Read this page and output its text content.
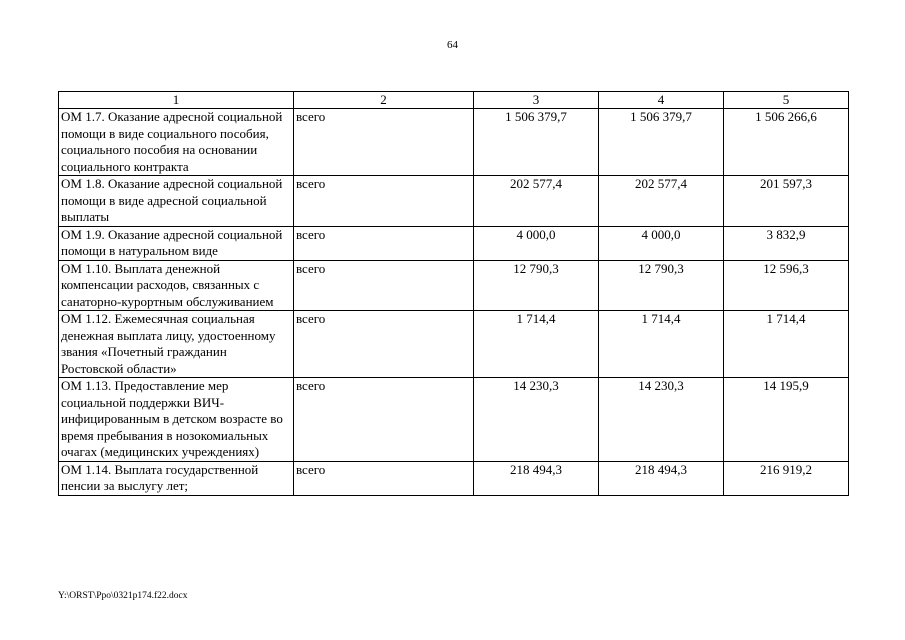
64
1	2	3	4	5
ОМ 1.7. Оказание адресной социальной помощи в виде социального пособия, социального пособия на основании социального контракта	всего	1 506 379,7	1 506 379,7	1 506 266,6
ОМ 1.8. Оказание адресной социальной помощи в виде адресной социальной выплаты	всего	202 577,4	202 577,4	201 597,3
ОМ 1.9. Оказание адресной социальной помощи в натуральном виде	всего	4 000,0	4 000,0	3 832,9
ОМ 1.10. Выплата денежной компенсации расходов, связанных с санаторно-курортным обслуживанием	всего	12 790,3	12 790,3	12 596,3
ОМ 1.12. Ежемесячная социальная денежная выплата лицу, удостоенному звания «Почетный гражданин Ростовской области»	всего	1 714,4	1 714,4	1 714,4
ОМ 1.13. Предоставление мер социальной поддержки ВИЧ-инфицированным в детском возрасте во время пребывания в нозокомиальных очагах (медицинских учреждениях)	всего	14 230,3	14 230,3	14 195,9
ОМ 1.14. Выплата государственной пенсии за выслугу лет;	всего	218 494,3	218 494,3	216 919,2
Y:\ORST\Ppo\0321p174.f22.docx
